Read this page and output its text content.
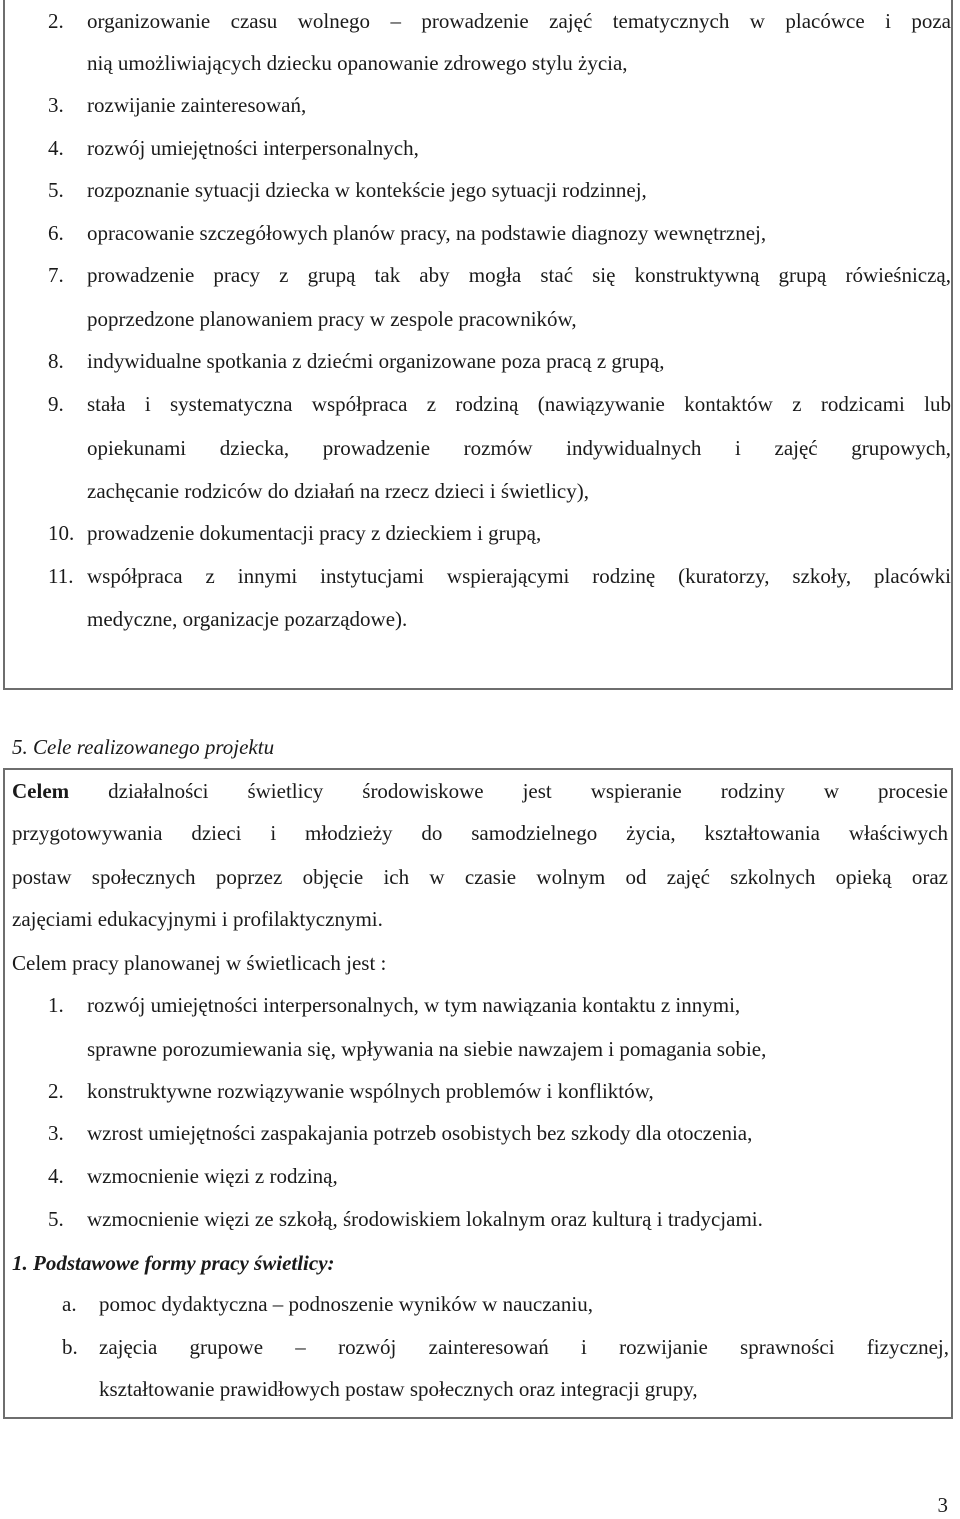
2. organizowanie czasu wolnego – prowadzenie zajęć tematycznych w placówce i poza
nią umożliwiających dziecku opanowanie zdrowego stylu życia,
3. rozwijanie zainteresowań,
4. rozwój umiejętności interpersonalnych,
5. rozpoznanie sytuacji dziecka w kontekście jego sytuacji rodzinnej,
6. opracowanie szczegółowych planów pracy, na podstawie diagnozy wewnętrznej,
7. prowadzenie pracy z grupą tak aby mogła stać się konstruktywną grupą rówieśniczą,
poprzedzone planowaniem pracy w zespole pracowników,
8. indywidualne spotkania z dziećmi organizowane poza pracą z grupą,
9. stała i systematyczna współpraca z rodziną (nawiązywanie kontaktów z rodzicami lub
opiekunami dziecka, prowadzenie rozmów indywidualnych i zajęć grupowych,
zachęcanie rodziców do działań na rzecz dzieci i świetlicy),
10. prowadzenie dokumentacji pracy z dzieckiem i grupą,
11. współpraca z innymi instytucjami wspierającymi rodzinę (kuratorzy, szkoły, placówki
medyczne, organizacje pozarządowe).
5. Cele realizowanego projektu
Celem działalności świetlicy środowiskowe jest wspieranie rodziny w procesie
przygotowywania dzieci i młodzieży do samodzielnego życia, kształtowania właściwych
postaw społecznych poprzez objęcie ich w czasie wolnym od zajęć szkolnych opieką oraz
zajęciami edukacyjnymi i profilaktycznymi.
Celem pracy planowanej w świetlicach jest :
1. rozwój umiejętności interpersonalnych, w tym nawiązania kontaktu z innymi,
sprawne porozumiewania się, wpływania na siebie nawzajem i pomagania sobie,
2. konstruktywne rozwiązywanie wspólnych problemów i konfliktów,
3. wzrost umiejętności zaspakajania potrzeb osobistych bez szkody dla otoczenia,
4. wzmocnienie więzi z rodziną,
5. wzmocnienie więzi ze szkołą, środowiskiem lokalnym oraz kulturą i tradycjami.
1. Podstawowe formy pracy świetlicy:
a. pomoc dydaktyczna – podnoszenie wyników w nauczaniu,
b. zajęcia grupowe – rozwój zainteresowań i rozwijanie sprawności fizycznej,
kształtowanie prawidłowych postaw społecznych oraz integracji grupy,
3
